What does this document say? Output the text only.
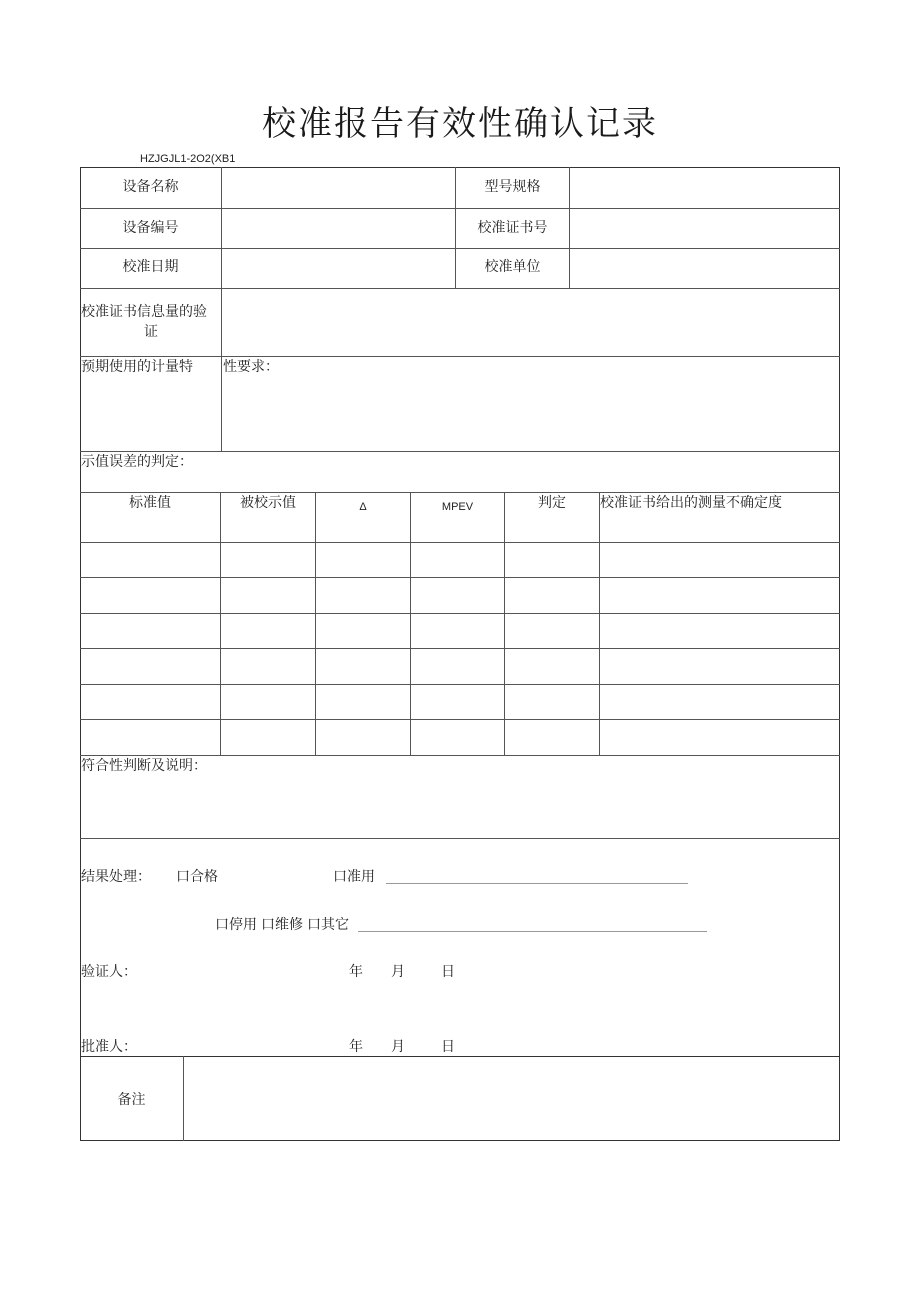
校准报告有效性确认记录
HZJGJL1-2O2(XB1
设备名称	型号规格
设备编号	校准证书号
校准日期	校准单位
校准证书信息量的验
证
预期使用的计量特 性要求：
示值误差的判定：
标准值	被校示值	Δ	MPEV	判定	校准证书给出的测量不确定度
符合性判断及说明：
结果处理： 口合格	口准用
口停用 口维修 口其它
验证人：	年 月	日
批准人：	年 月	日
备注
